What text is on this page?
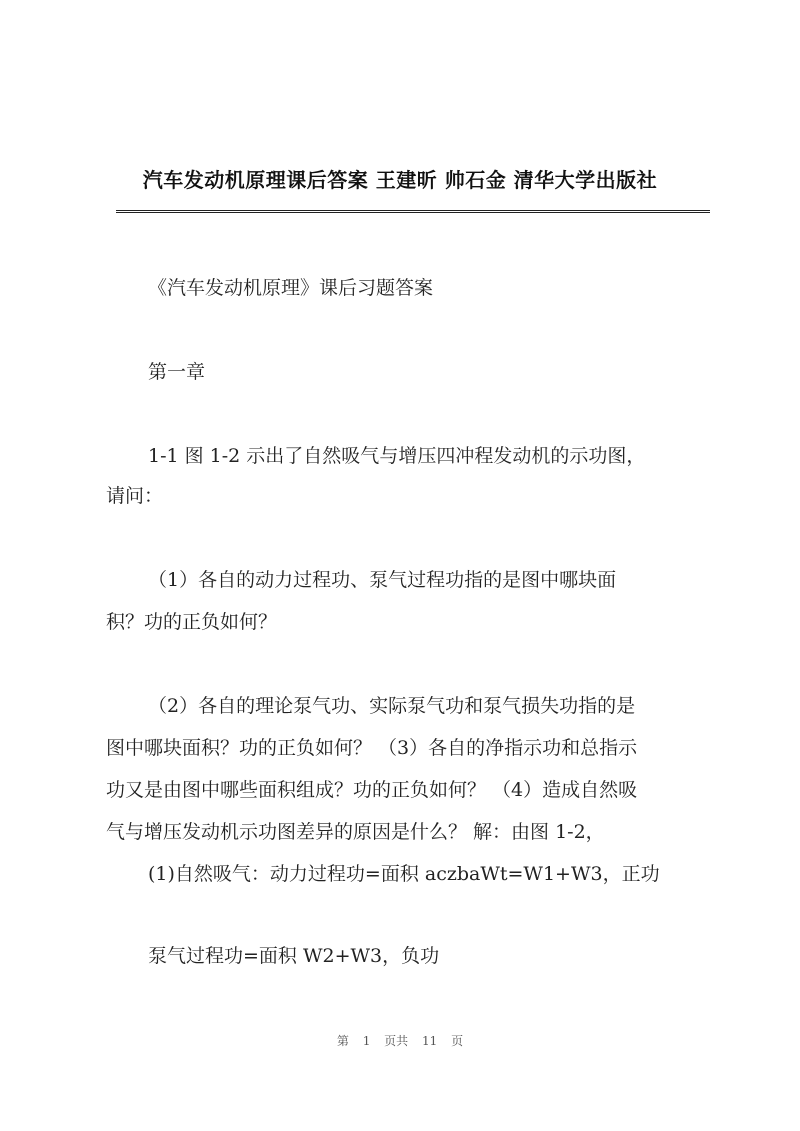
汽车发动机原理课后答案 王建昕 帅石金 清华大学出版社
《汽车发动机原理》课后习题答案
第一章
1-1 图 1-2 示出了自然吸气与增压四冲程发动机的示功图，
请问：
（1）各自的动力过程功、泵气过程功指的是图中哪块面
积？功的正负如何？
（2）各自的理论泵气功、实际泵气功和泵气损失功指的是
图中哪块面积？功的正负如何？ （3）各自的净指示功和总指示
功又是由图中哪些面积组成？功的正负如何？ （4）造成自然吸
气与增压发动机示功图差异的原因是什么？ 解：由图 1-2，
(1)自然吸气：动力过程功=面积 aczbaWt=W1+W3，正功
泵气过程功=面积 W2+W3，负功
第 1 页共 11 页
